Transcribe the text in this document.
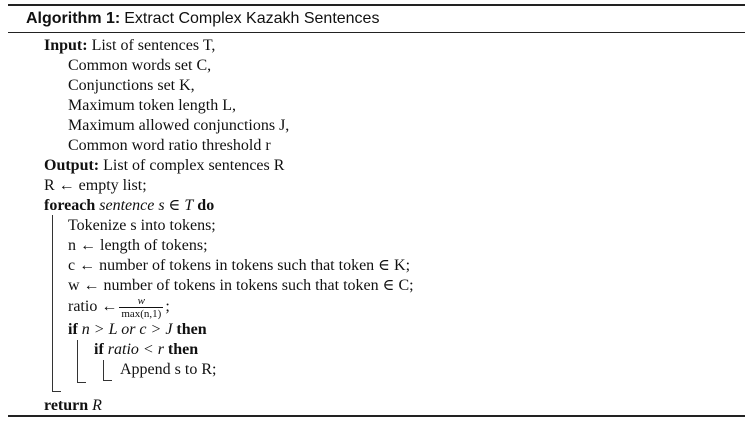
Algorithm 1: Extract Complex Kazakh Sentences
Input: List of sentences T,
Common words set C,
Conjunctions set K,
Maximum token length L,
Maximum allowed conjunctions J,
Common word ratio threshold r
Output: List of complex sentences R
R ← empty list;
foreach sentence s ∈ T do
Tokenize s into tokens;
n ← length of tokens;
c ← number of tokens in tokens such that token ∈ K;
w ← number of tokens in tokens such that token ∈ C;
ratio ← $\frac{w}{\max(n,1)}$ ;
if n > L or c > J then
if ratio < r then
Append s to R;
return R
